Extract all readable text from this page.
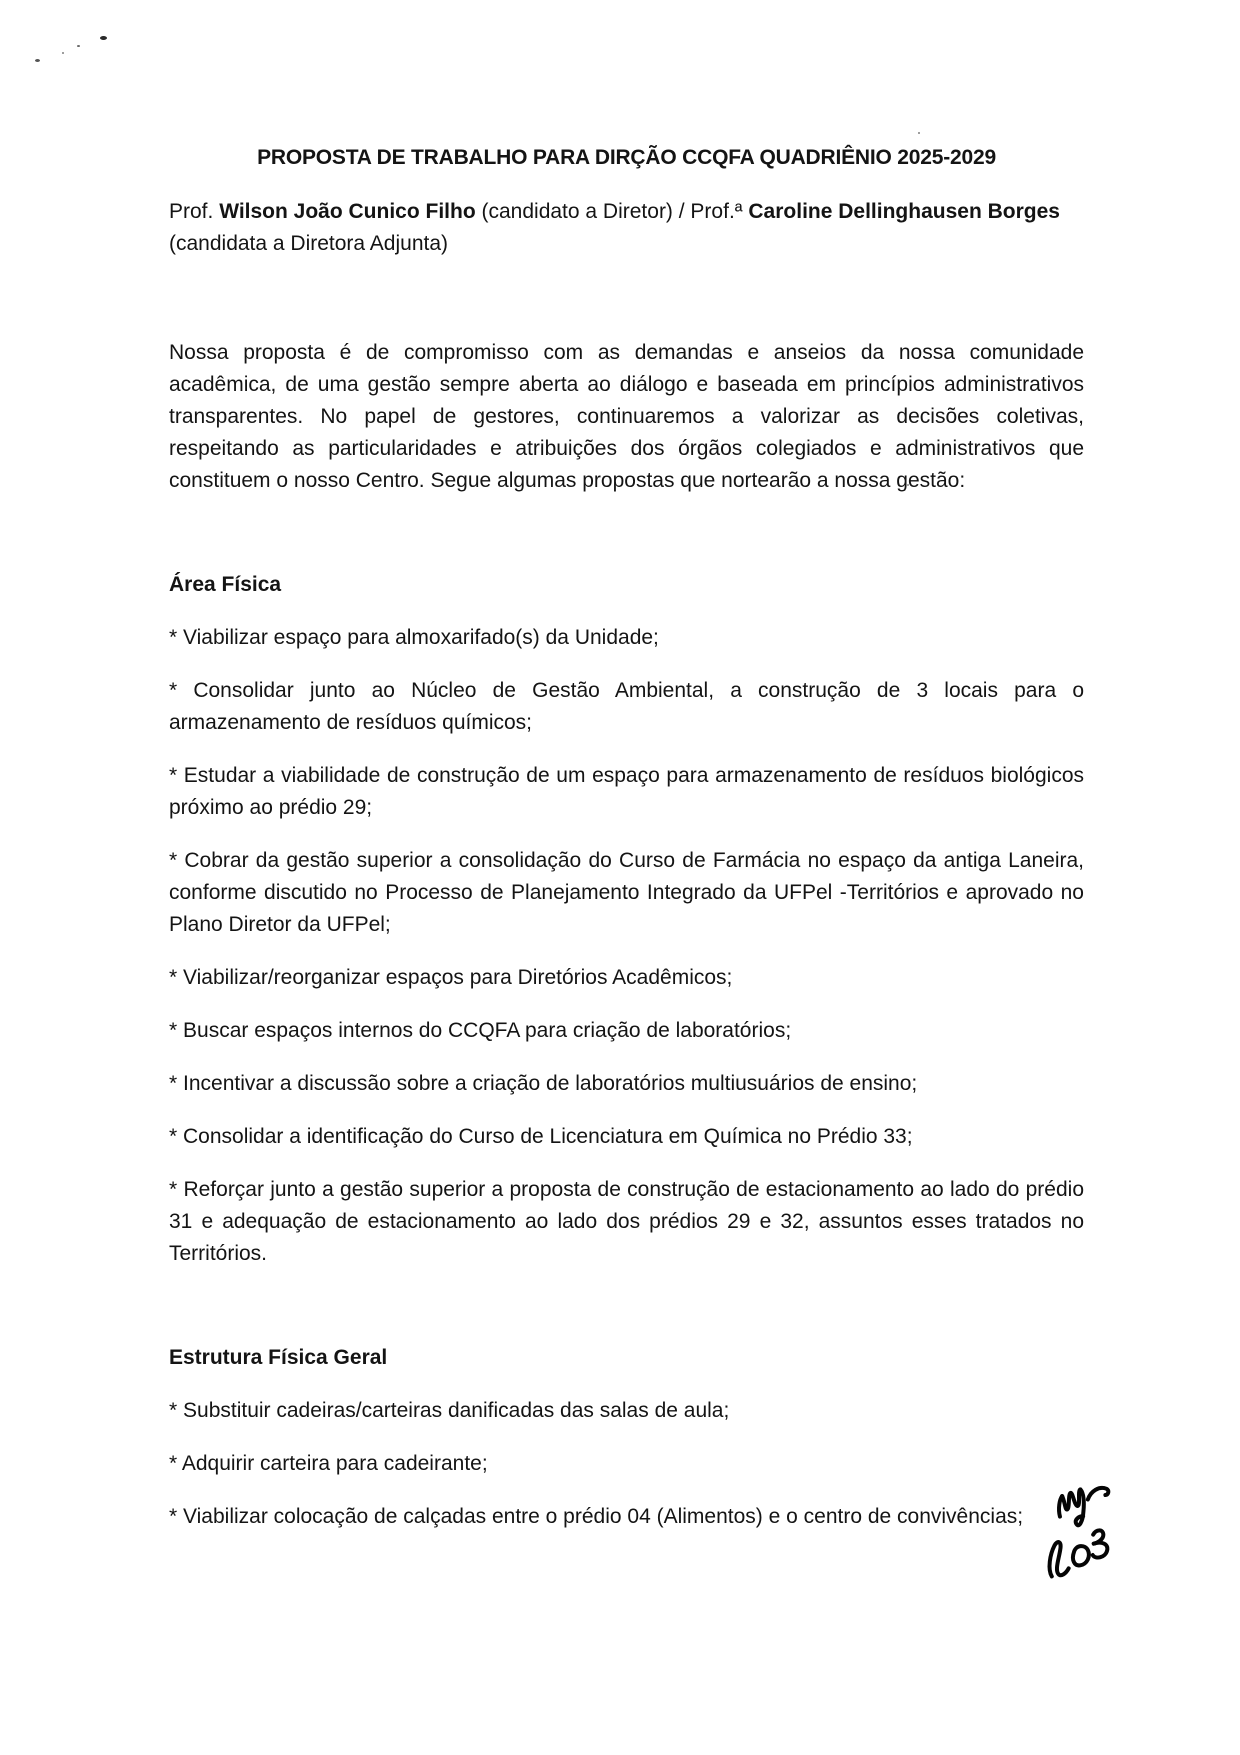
PROPOSTA DE TRABALHO PARA DIRÇÃO CCQFA QUADRIÊNIO 2025-2029
Prof. Wilson João Cunico Filho (candidato a Diretor) / Prof.ª Caroline Dellinghausen Borges
(candidata a Diretora Adjunta)
Nossa proposta é de compromisso com as demandas e anseios da nossa comunidade acadêmica, de uma gestão sempre aberta ao diálogo e baseada em princípios administrativos transparentes. No papel de gestores, continuaremos a valorizar as decisões coletivas, respeitando as particularidades e atribuições dos órgãos colegiados e administrativos que constituem o nosso Centro. Segue algumas propostas que nortearão a nossa gestão:
Área Física
* Viabilizar espaço para almoxarifado(s) da Unidade;
* Consolidar junto ao Núcleo de Gestão Ambiental, a construção de 3 locais para o armazenamento de resíduos químicos;
* Estudar a viabilidade de construção de um espaço para armazenamento de resíduos biológicos próximo ao prédio 29;
* Cobrar da gestão superior a consolidação do Curso de Farmácia no espaço da antiga Laneira, conforme discutido no Processo de Planejamento Integrado da UFPel -Territórios e aprovado no Plano Diretor da UFPel;
* Viabilizar/reorganizar espaços para Diretórios Acadêmicos;
* Buscar espaços internos do CCQFA para criação de laboratórios;
* Incentivar a discussão sobre a criação de laboratórios multiusuários de ensino;
* Consolidar a identificação do Curso de Licenciatura em Química no Prédio 33;
* Reforçar junto a gestão superior a proposta de construção de estacionamento ao lado do prédio 31 e adequação de estacionamento ao lado dos prédios 29 e 32, assuntos esses tratados no Territórios.
Estrutura Física Geral
* Substituir cadeiras/carteiras danificadas das salas de aula;
* Adquirir carteira para cadeirante;
* Viabilizar colocação de calçadas entre o prédio 04 (Alimentos) e o centro de convivências;
